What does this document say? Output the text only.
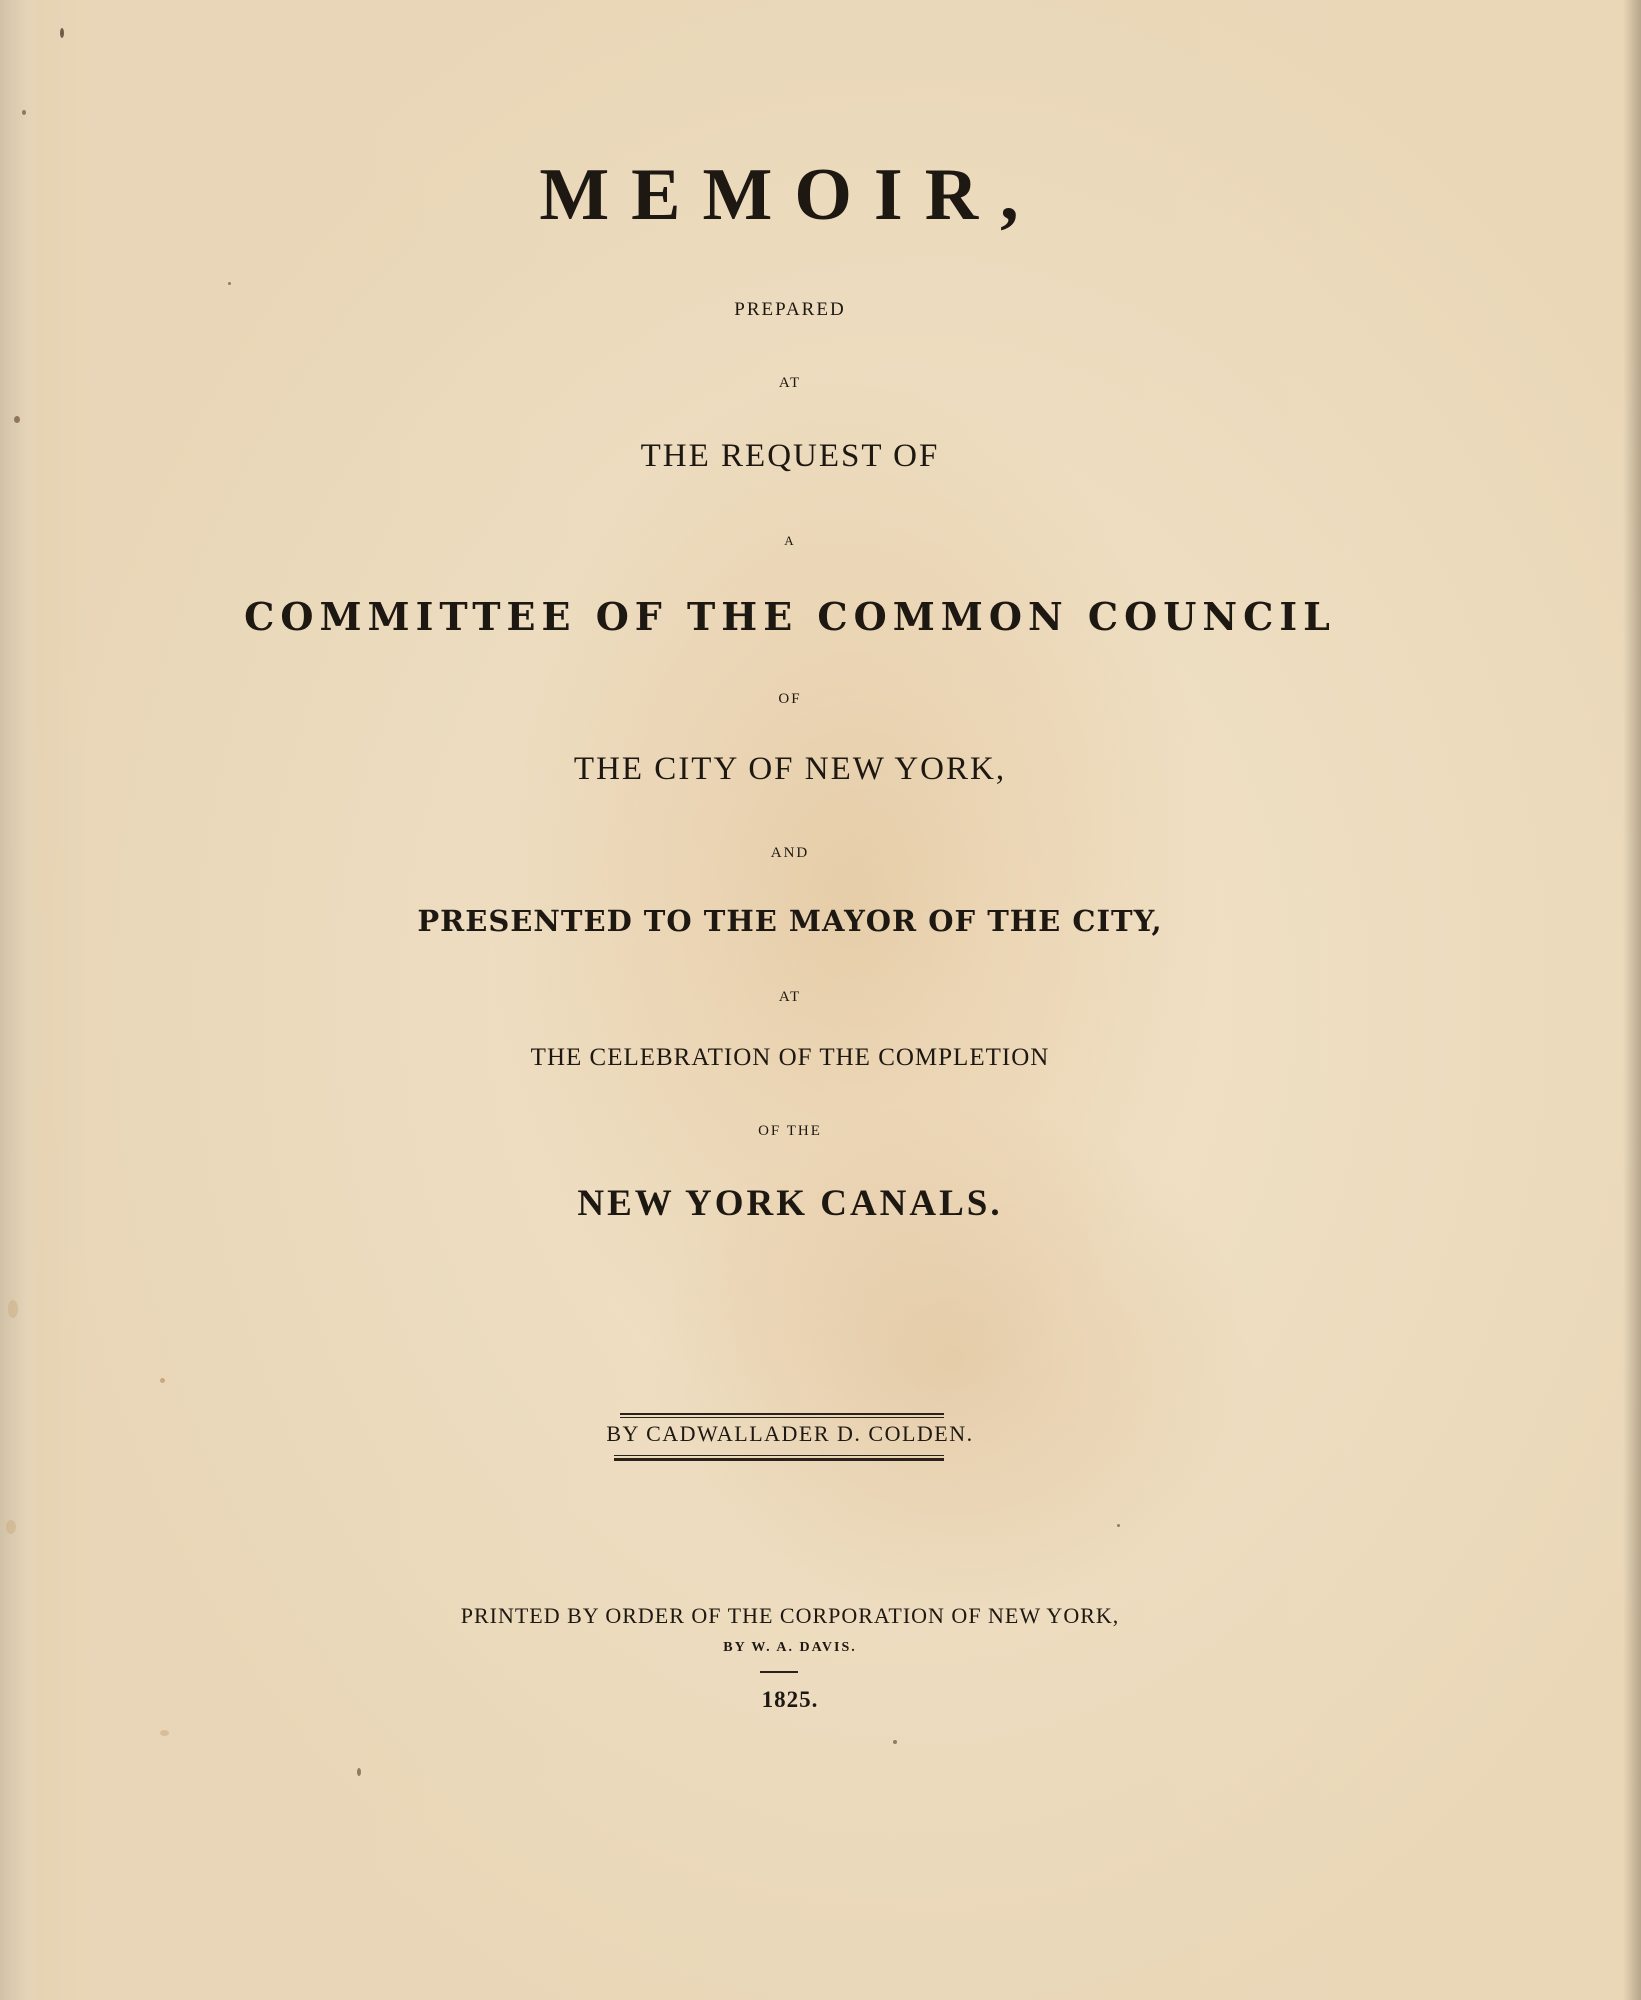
MEMOIR,
PREPARED
AT
THE REQUEST OF
A
COMMITTEE OF THE COMMON COUNCIL
OF
THE CITY OF NEW YORK,
AND
PRESENTED TO THE MAYOR OF THE CITY,
AT
THE CELEBRATION OF THE COMPLETION
OF THE
NEW YORK CANALS.
BY CADWALLADER D. COLDEN.
PRINTED BY ORDER OF THE CORPORATION OF NEW YORK,
BY W. A. DAVIS.
1825.
